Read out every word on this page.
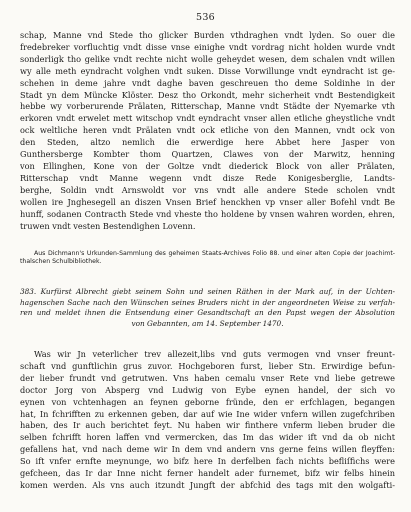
536
schap, Manne vnd Stede tho glicker Burden vthdraghen vndt lyden. So ouer die
fredebreker vorfluchtig vndt disse vnse einighe vndt vordrag nicht holden wurde vndt
sonderligk tho gelike vndt rechte nicht wolle geheydet wesen, dem schalen vndt willen
wy alle meth eyndracht volghen vndt suken. Disse Vorwillunge vndt eyndracht ist ge-
schehen in deme jahre vndt daghe baven geschreuen tho deme Soldinhe in der
Stadt yn dem Müncke Klöster. Desz tho Orkondt, mehr sicherheit vndt Bestendigkeit
hebbe wy vorberurende Prälaten, Ritterschap, Manne vndt Städte der Nyemarke vth
erkoren vndt erwelet mett witschop vndt eyndracht vnser allen etliche gheystliche vndt
ock weltliche heren vndt Prälaten vndt ock etliche von den Mannen, vndt ock von
den Steden, altzo nemlich die erwerdige here Abbet here Jasper von
Gunthersberge Kombter thom Quartzen, Clawes von der Marwitz, henning
von Ellinghen, Kone von der Goltze vndt diederick Block von aller Prälaten,
Ritterschap vndt Manne wegenn vndt disze Rede Konigesberglie, Landts-
berghe, Soldin vndt Arnswoldt vor vns vndt alle andere Stede scholen vndt
wollen ire Jnghesegell an diszen Vnsen Brief henckhen vp vnser aller Bofehl vndt Be
hunff, sodanen Contracth Stede vnd vheste tho holdene by vnsen wahren worden, ehren,
truwen vndt vesten Bestendighen Lovenn.
Aus Dichmann's Urkunden-Sammlung des geheimen Staats-Archives Folio 88. und einer alten Copie der Joachimt-
thalschen Schulbibliothek.
383. Kurfürst Albrecht giebt seinem Sohn und seinen Räthen in der Mark auf, in der Uchten-
hagenschen Sache nach den Wünschen seines Bruders nicht in der angeordneten Weise zu verfah-
ren und meldet ihnen die Entsendung einer Gesandtschaft an den Papst wegen der Absolution
von Gebannten, am 14. September 1470.
Was wir Jn veterlicher trev allezeit,libs vnd guts vermogen vnd vnser freunt-
schaft vnd gunftlichin grus zuvor. Hochgeboren furst, lieber Stn. Erwirdige befun-
der lieber frundt vnd getrutwen. Vns haben cemalu vnser Rete vnd liebe getrewe
doctor Jorg von Absperg vnd Ludwig von Eybe eynen handel, der sich vo
eynen von vchtenhagen an feynen geborne fründe, den er erfchlagen, begangen
hat, In fchrifften zu erkennen geben, dar auf wie Ine wider vnfern willen zugefchriben
haben, des Ir auch berichtet feyt. Nu haben wir finthere vnferm lieben bruder die
selben fchrifft horen laffen vnd vermercken, das Im das wider ift vnd da ob nicht
gefallens hat, vnd nach deme wir In dem vnd andern vns gerne feins willen fleyffen:
So ift vnfer ernfte meynunge, wo bifz here In derfelben fach nichts befliſfichs were
gefcheen, das Ir dar Inne nicht ferner handelt ader furnemet, bifz wir felbs hinein
komen werden. Als vns auch itzundt Jungft der abfchid des tags mit den wolgafti-
